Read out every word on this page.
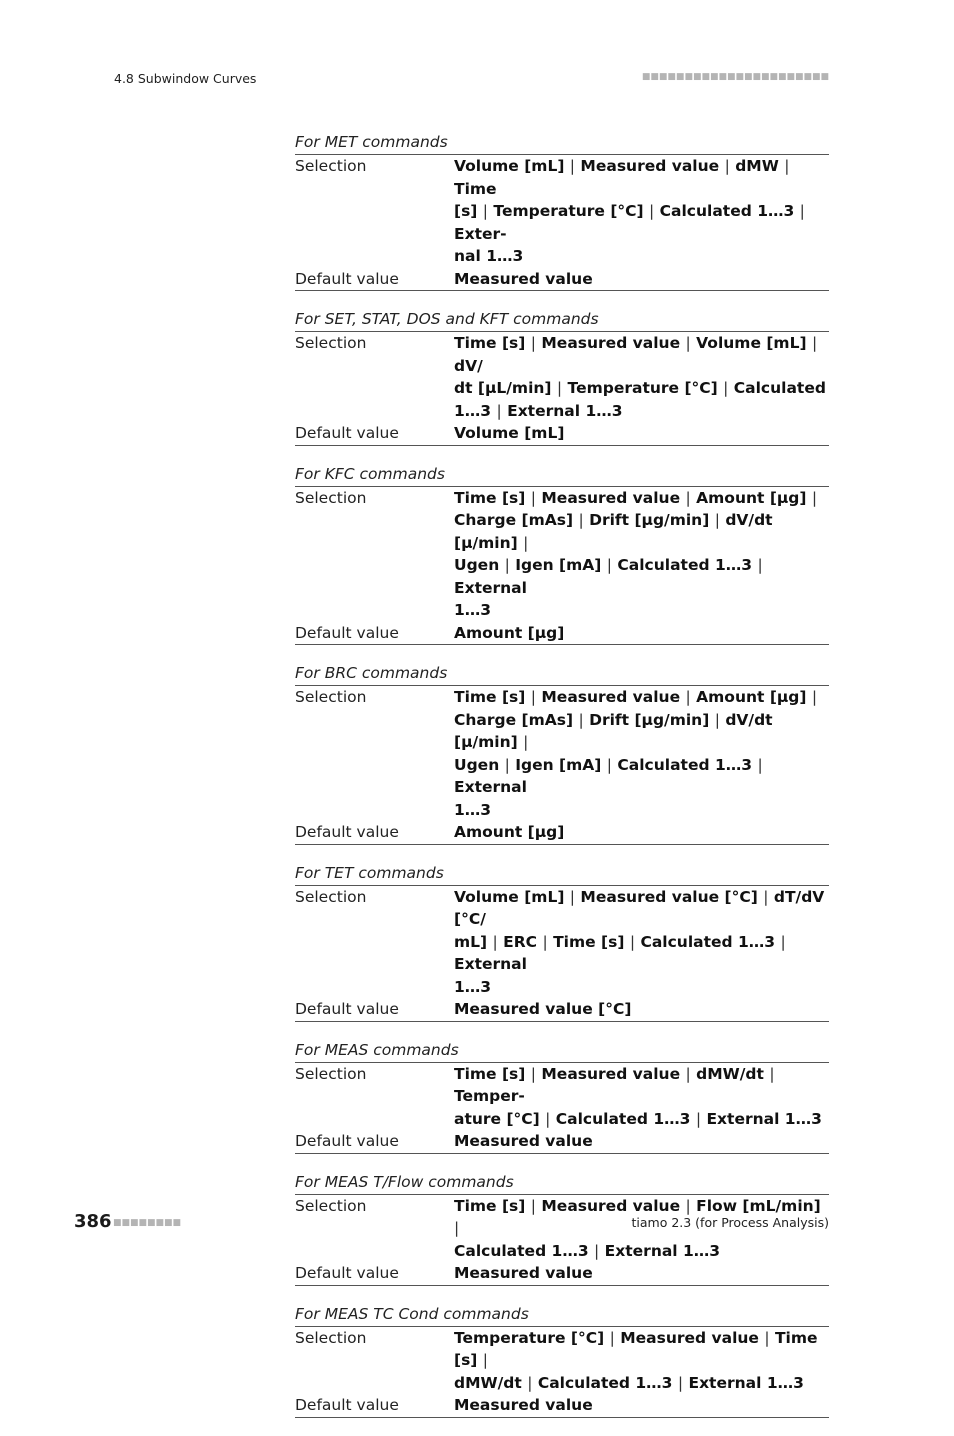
4.8 Subwindow Curves	■■■■■■■■■■■■■■■■■■■■■■
For MET commands
Selection	Volume [mL] | Measured value | dMW | Time
[s] | Temperature [°C] | Calculated 1…3 | Exter-
nal 1…3
Default value	Measured value
For SET, STAT, DOS and KFT commands
Selection	Time [s] | Measured value | Volume [mL] | dV/
dt [µL/min] | Temperature [°C] | Calculated
1…3 | External 1…3
Default value	Volume [mL]
For KFC commands
Selection	Time [s] | Measured value | Amount [µg] |
Charge [mAs] | Drift [µg/min] | dV/dt [µ/min] |
Ugen | Igen [mA] | Calculated 1…3 | External
1…3
Default value	Amount [µg]
For BRC commands
Selection	Time [s] | Measured value | Amount [µg] |
Charge [mAs] | Drift [µg/min] | dV/dt [µ/min] |
Ugen | Igen [mA] | Calculated 1…3 | External
1…3
Default value	Amount [µg]
For TET commands
Selection	Volume [mL] | Measured value [°C] | dT/dV [°C/
mL] | ERC | Time [s] | Calculated 1…3 | External
1…3
Default value	Measured value [°C]
For MEAS commands
Selection	Time [s] | Measured value | dMW/dt | Temper-
ature [°C] | Calculated 1…3 | External 1…3
Default value	Measured value
For MEAS T/Flow commands
Selection	Time [s] | Measured value | Flow [mL/min] |
Calculated 1…3 | External 1…3
Default value	Measured value
For MEAS TC Cond commands
Selection	Temperature [°C] | Measured value | Time [s] |
dMW/dt | Calculated 1…3 | External 1…3
Default value	Measured value
386 ■■■■■■■■	tiamo 2.3 (for Process Analysis)
